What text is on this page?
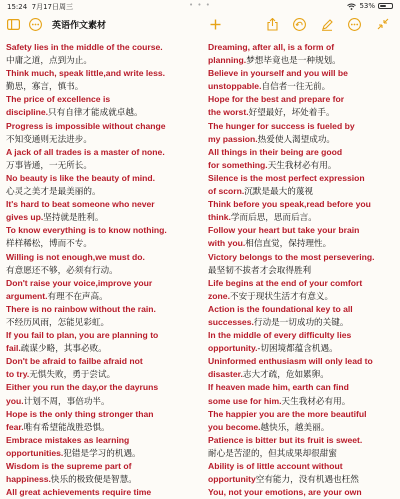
15:24 7月17日周三	• • •	53%
英语作文素材
Safety lies in the middle of the course.
中庸之道，点到为止。
Think much, speak little,and write less.
勤思，寡言，慎书。
The price of excellence is
discipline.只有自律才能成就卓越。
Progress is impossible without change
不知变通则无法进步。
A jack of all trades is a master of none.
万事皆通，一无所长。
No beauty is like the beauty of mind.
心灵之美才是最美丽的。
It's hard to beat someone who never
gives up.坚持就是胜利。
To know everything is to know nothing.
样样稀松，博而不专。
Willing is not enough,we must do.
有意愿还不够，必须有行动。
Don't raise your voice,improve your
argument.有理不在声高。
There is no rainbow without the rain.
不经历风雨，怎能见彩虹。
If you fail to plan, you are planning to
fail.疏谋少略，其事必败。
Don't be afraid to failbe afraid not
to try.无惧失败，勇于尝试。
Either you run the day,or the dayruns
you.计划不周，事倍功半。
Hope is the only thing stronger than
fear.唯有希望能战胜恐惧。
Embrace mistakes as learning
opportunities.犯错是学习的机遇。
Wisdom is the supreme part of
happiness.快乐的极致便是智慧。
All great achievements require time
Dreaming, after all, is a form of
planning.梦想毕竟也是一种规划。
Believe in yourself and you will be
unstoppable.自信者一往无前。
Hope for the best and prepare for
the worst.好望最好，坏处着手。
The hunger for success is fueled by
my passion.热爱使人渴望成功。
All things in their being are good
for something.天生我材必有用。
Silence is the most perfect expression
of scorn.沉默是最大的蔑视
Think before you speak,read before you
think.学而后思，思而后言。
Follow your heart but take your brain
with you.相信直觉，保持理性。
Victory belongs to the most persevering.
最坚韧不拔者才会取得胜利
Life begins at the end of your comfort
zone.不安于现状生活才有意义。
Action is the foundational key to all
successes.行动是一切成功的关键。
In the middle of every difficulty lies
opportunity.-切困境都蕴含机遇。
Uninformed enthusiasm will only lead to
disaster.志大才疏，危如累卵。
If heaven made him, earth can find
some use for him.天生我材必有用。
The happier you are the more beautiful
you become.越快乐，越美丽。
Patience is bitter but its fruit is sweet.
耐心是苦涩的，但其成果却很甜蜜
Ability is of little account without
opportunity空有能力，没有机遇也枉然
You, not your emotions, are your own
